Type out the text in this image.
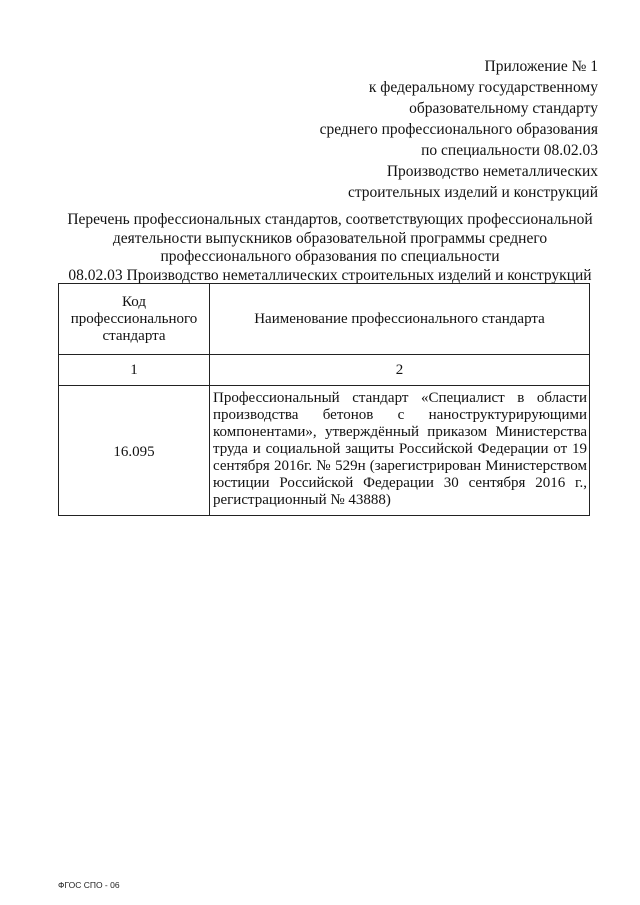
Приложение № 1
к федеральному государственному
образовательному стандарту
среднего профессионального образования
по специальности 08.02.03
Производство неметаллических
строительных изделий и конструкций
Перечень профессиональных стандартов, соответствующих профессиональной
деятельности выпускников образовательной программы среднего
профессионального образования по специальности
08.02.03 Производство неметаллических строительных изделий и конструкций
Код профессионального стандарта	Наименование профессионального стандарта
1	2
16.095	Профессиональный стандарт «Специалист в области производства бетонов с наноструктурирующими компонентами», утверждённый приказом Министерства труда и социальной защиты Российской Федерации от 19 сентября 2016г. № 529н (зарегистрирован Министерством юстиции Российской Федерации 30 сентября 2016 г., регистрационный № 43888)
ФГОС СПО - 06
